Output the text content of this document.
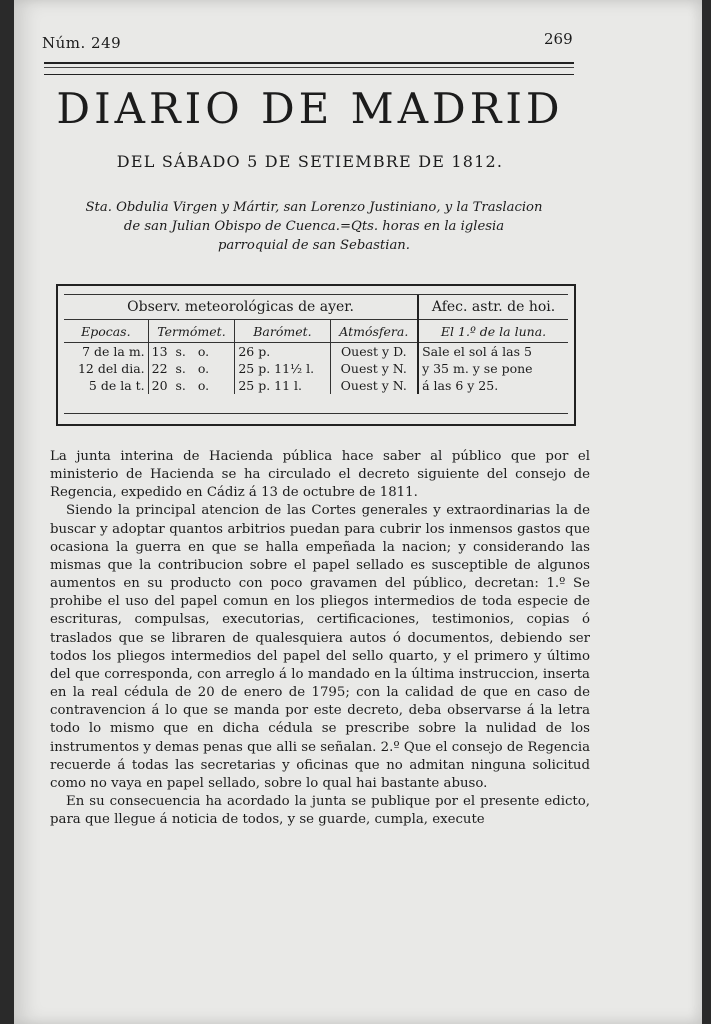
Núm. 249	269
DIARIO DE MADRID
DEL SÁBADO 5 DE SETIEMBRE DE 1812.
Sta. Obdulia Virgen y Mártir, san Lorenzo Justiniano, y la Traslacion
de san Julian Obispo de Cuenca.=Qts. horas en la iglesia
parroquial de san Sebastian.
Observ. meteorológicas de ayer.				Afec. astr. de hoi.
Epocas.	Termómet.	Barómet.	Atmósfera.	El 1.º de la luna.
7 de la m.	13 s. o.	26 p.	Ouest y D.	Sale el sol á las 5
12 del dia.	22 s. o.	25 p. 11½ l.	Ouest y N.	y 35 m. y se pone
5 de la t.	20 s. o.	25 p. 11 l.	Ouest y N.	á las 6 y 25.

La junta interina de Hacienda pública hace saber al público que por el ministerio de Hacienda se ha circulado el decreto siguiente del consejo de Regencia, expedido en Cádiz á 13 de octubre de 1811.

Siendo la principal atencion de las Cortes generales y extraordinarias la de buscar y adoptar quantos arbitrios puedan para cubrir los inmensos gastos que ocasiona la guerra en que se halla empeñada la nacion; y considerando las mismas que la contribucion sobre el papel sellado es susceptible de algunos aumentos en su producto con poco gravamen del público, decretan: 1.º Se prohibe el uso del papel comun en los pliegos intermedios de toda especie de escrituras, compulsas, executorias, certificaciones, testimonios, copias ó traslados que se libraren de qualesquiera autos ó documentos, debiendo ser todos los pliegos intermedios del papel del sello quarto, y el primero y último del que corresponda, con arreglo á lo mandado en la última instruccion, inserta en la real cédula de 20 de enero de 1795; con la calidad de que en caso de contravencion á lo que se manda por este decreto, deba observarse á la letra todo lo mismo que en dicha cédula se prescribe sobre la nulidad de los instrumentos y demas penas que alli se señalan. 2.º Que el consejo de Regencia recuerde á todas las secretarias y oficinas que no admitan ninguna solicitud como no vaya en papel sellado, sobre lo qual hai bastante abuso.

En su consecuencia ha acordado la junta se publique por el presente edicto, para que llegue á noticia de todos, y se guarde, cumpla, execute
